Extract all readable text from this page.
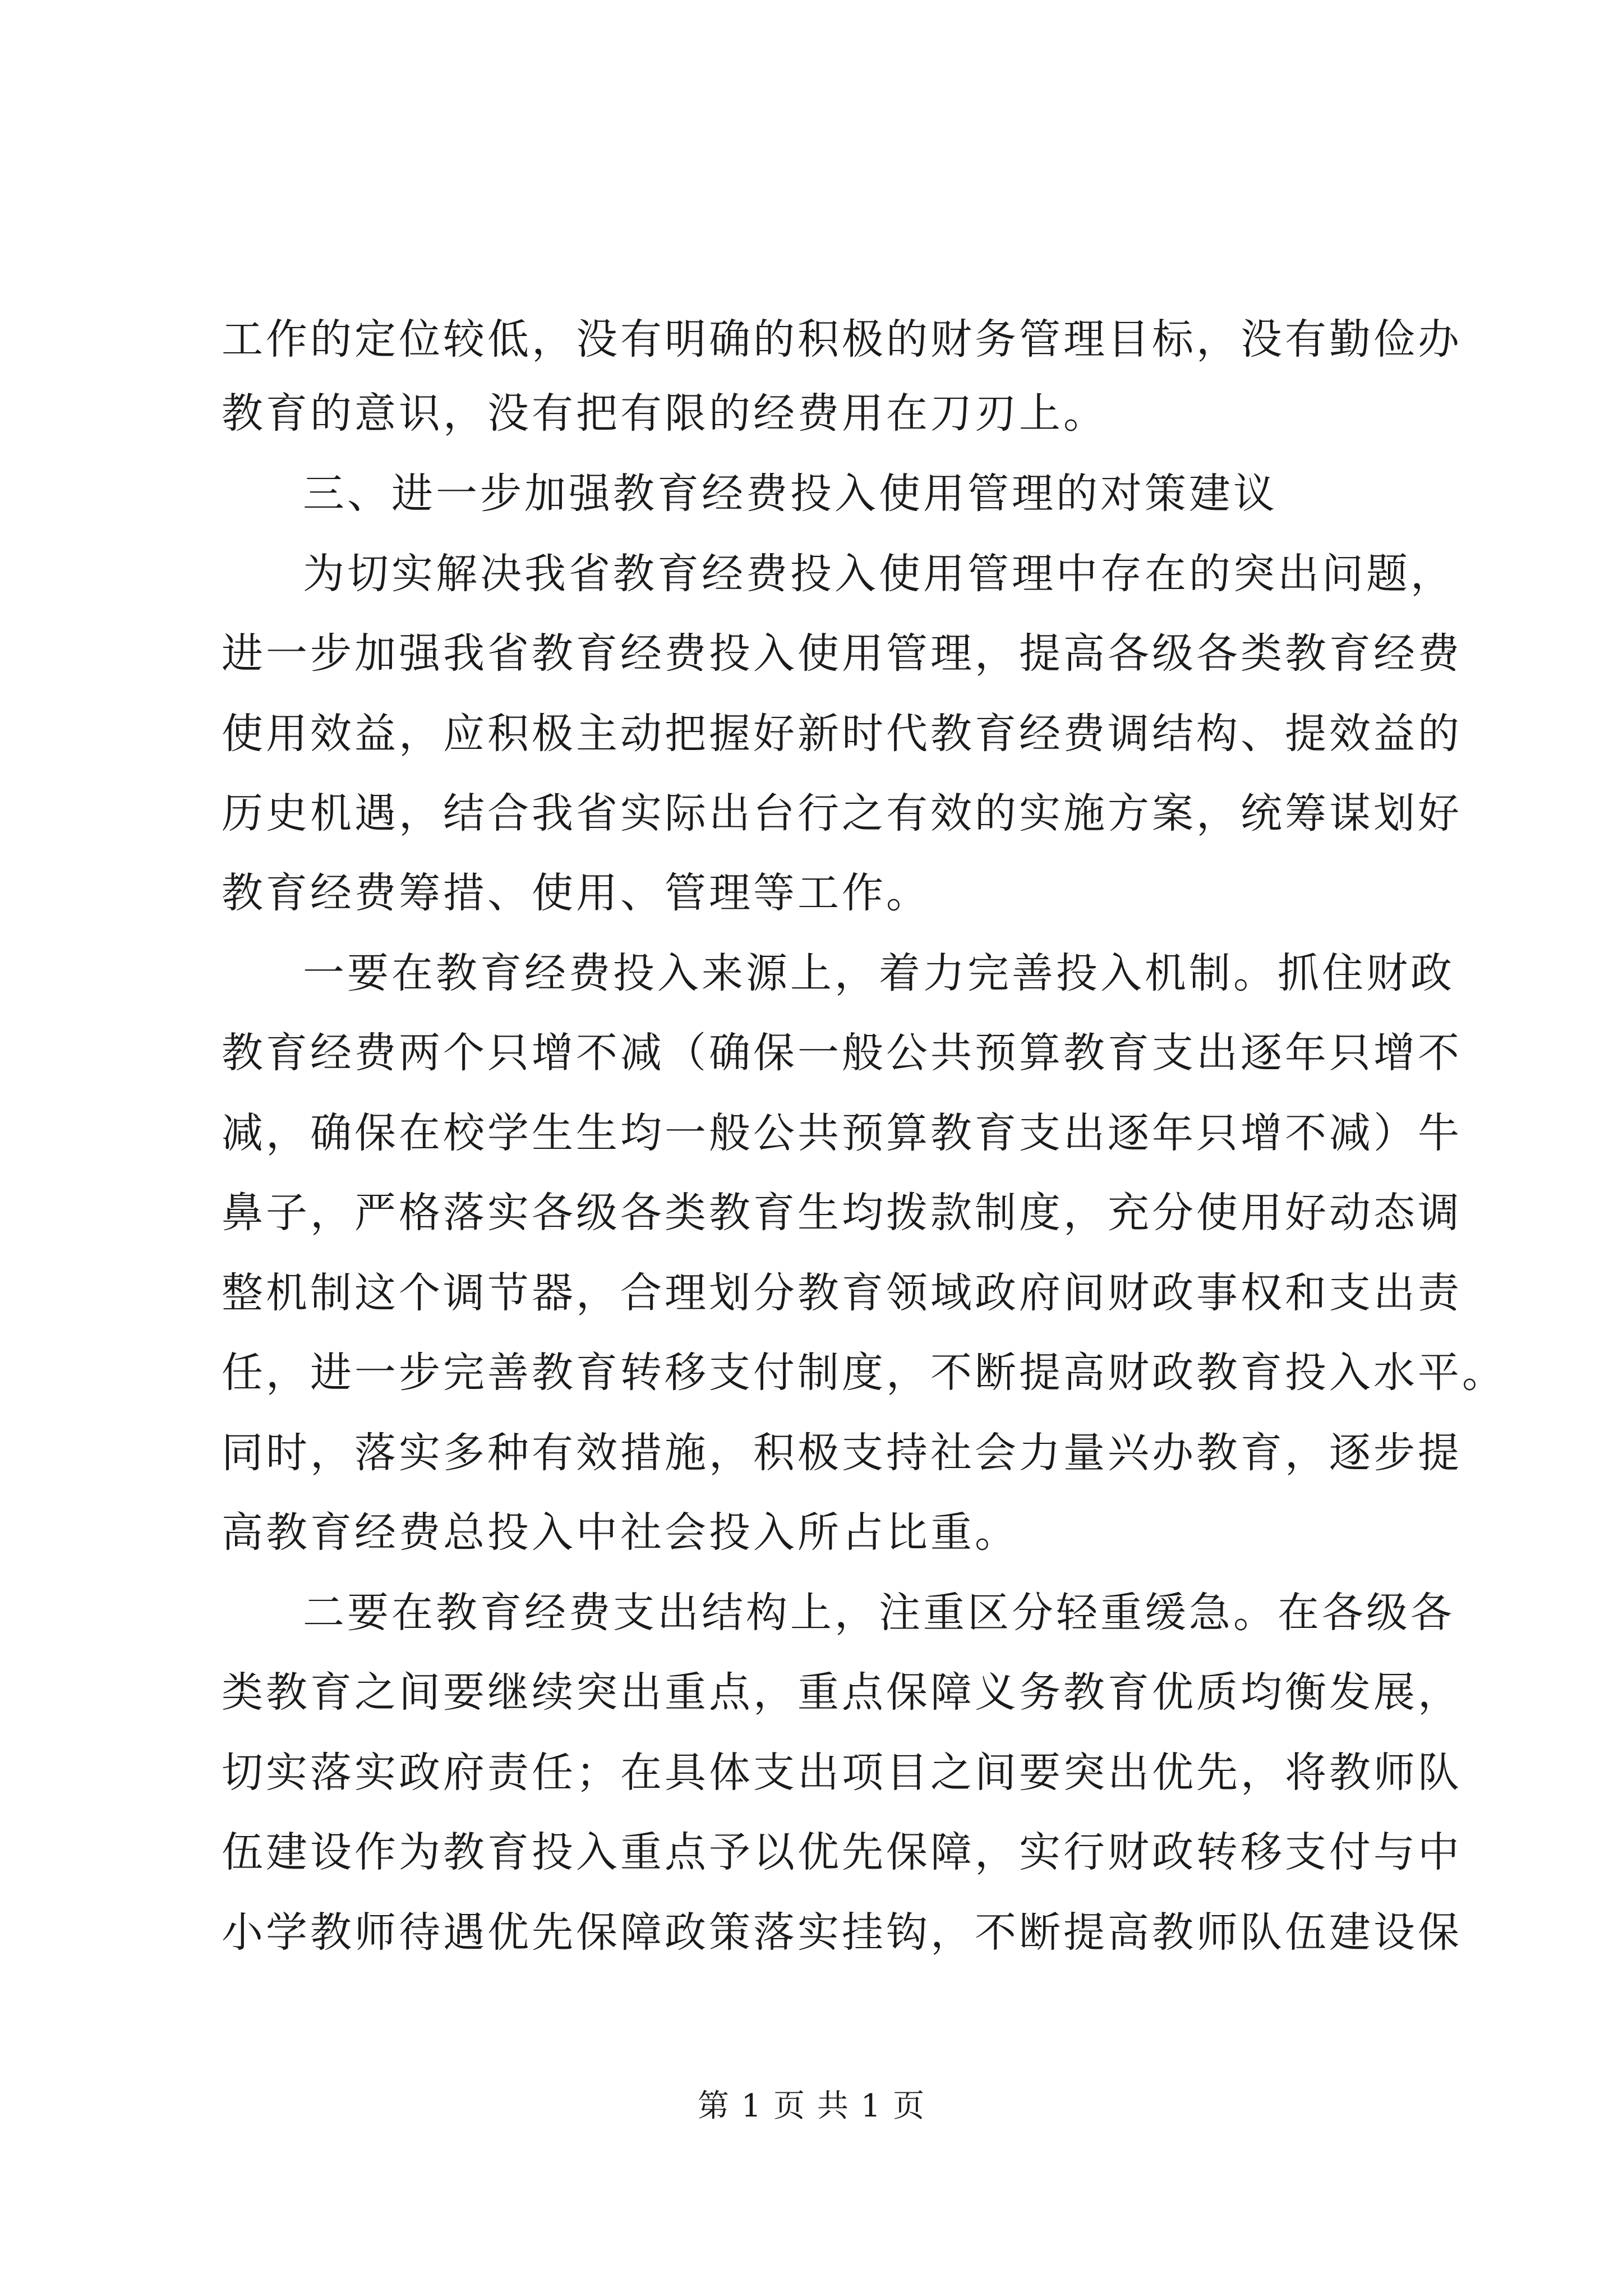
工作的定位较低，没有明确的积极的财务管理目标，没有勤俭办
教育的意识，没有把有限的经费用在刀刃上。
三、进一步加强教育经费投入使用管理的对策建议
为切实解决我省教育经费投入使用管理中存在的突出问题，
进一步加强我省教育经费投入使用管理，提高各级各类教育经费
使用效益，应积极主动把握好新时代教育经费调结构、提效益的
历史机遇，结合我省实际出台行之有效的实施方案，统筹谋划好
教育经费筹措、使用、管理等工作。
一要在教育经费投入来源上，着力完善投入机制。抓住财政
教育经费两个只增不减（确保一般公共预算教育支出逐年只增不
减，确保在校学生生均一般公共预算教育支出逐年只增不减）牛
鼻子，严格落实各级各类教育生均拨款制度，充分使用好动态调
整机制这个调节器，合理划分教育领域政府间财政事权和支出责
任，进一步完善教育转移支付制度，不断提高财政教育投入水平。
同时，落实多种有效措施，积极支持社会力量兴办教育，逐步提
高教育经费总投入中社会投入所占比重。
二要在教育经费支出结构上，注重区分轻重缓急。在各级各
类教育之间要继续突出重点，重点保障义务教育优质均衡发展，
切实落实政府责任；在具体支出项目之间要突出优先，将教师队
伍建设作为教育投入重点予以优先保障，实行财政转移支付与中
小学教师待遇优先保障政策落实挂钩，不断提高教师队伍建设保
第 1 页 共 1 页
